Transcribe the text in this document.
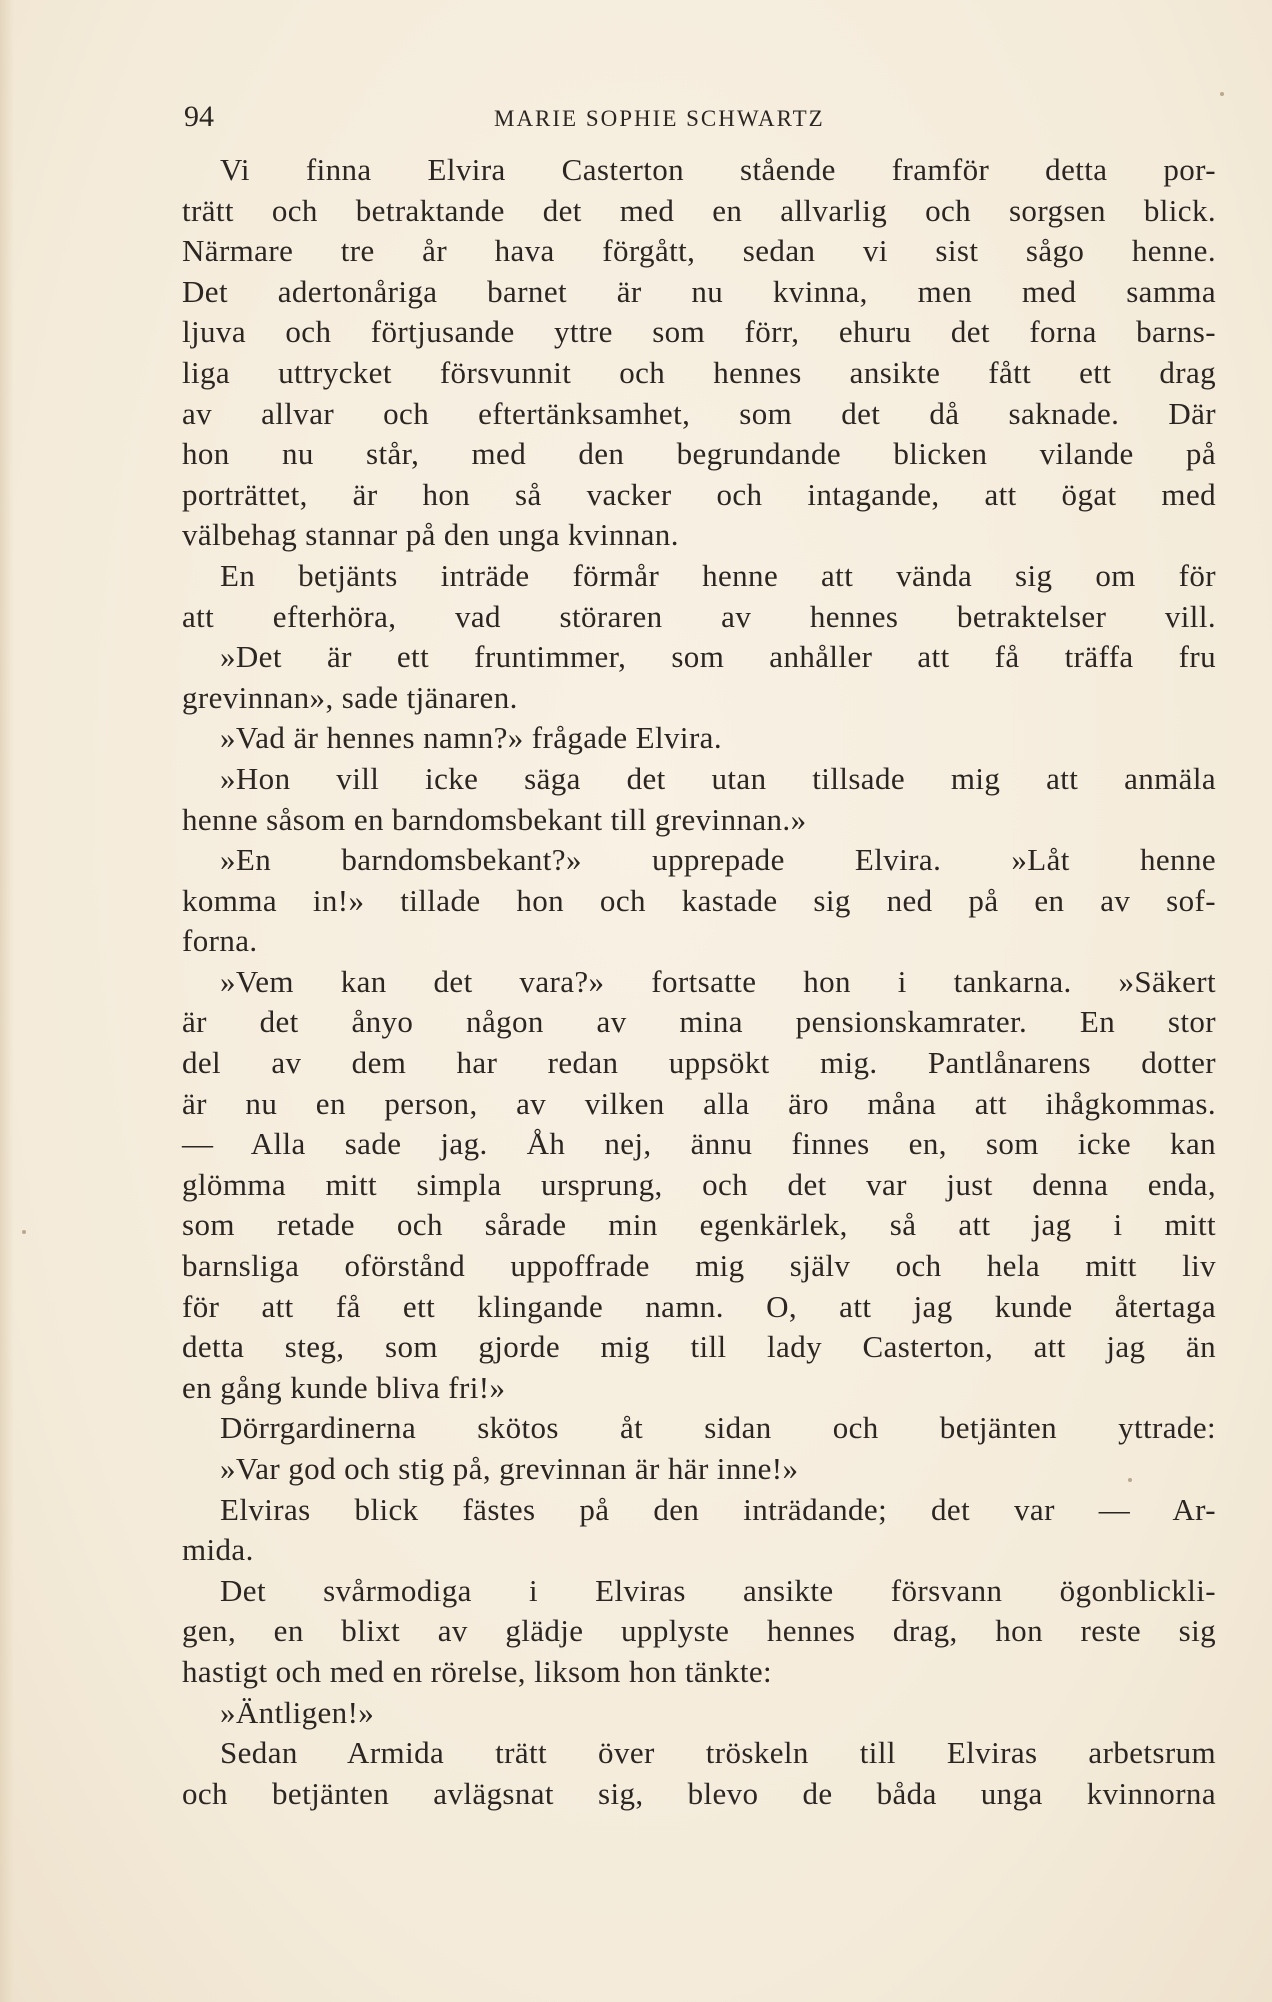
94	MARIE SOPHIE SCHWARTZ
Vi finna Elvira Casterton stående framför detta por-
trätt och betraktande det med en allvarlig och sorgsen blick.
Närmare tre år hava förgått, sedan vi sist sågo henne.
Det adertonåriga barnet är nu kvinna, men med samma
ljuva och förtjusande yttre som förr, ehuru det forna barns-
liga uttrycket försvunnit och hennes ansikte fått ett drag
av allvar och eftertänksamhet, som det då saknade. Där
hon nu står, med den begrundande blicken vilande på
porträttet, är hon så vacker och intagande, att ögat med
välbehag stannar på den unga kvinnan.
En betjänts inträde förmår henne att vända sig om för
att efterhöra, vad störaren av hennes betraktelser vill.
»Det är ett fruntimmer, som anhåller att få träffa fru
grevinnan», sade tjänaren.
»Vad är hennes namn?» frågade Elvira.
»Hon vill icke säga det utan tillsade mig att anmäla
henne såsom en barndomsbekant till grevinnan.»
»En barndomsbekant?» upprepade Elvira. »Låt henne
komma in!» tillade hon och kastade sig ned på en av sof-
forna.
»Vem kan det vara?» fortsatte hon i tankarna. »Säkert
är det ånyo någon av mina pensionskamrater. En stor
del av dem har redan uppsökt mig. Pantlånarens dotter
är nu en person, av vilken alla äro måna att ihågkommas.
— Alla sade jag. Åh nej, ännu finnes en, som icke kan
glömma mitt simpla ursprung, och det var just denna enda,
som retade och sårade min egenkärlek, så att jag i mitt
barnsliga oförstånd uppoffrade mig själv och hela mitt liv
för att få ett klingande namn. O, att jag kunde återtaga
detta steg, som gjorde mig till lady Casterton, att jag än
en gång kunde bliva fri!»
Dörrgardinerna skötos åt sidan och betjänten yttrade:
»Var god och stig på, grevinnan är här inne!»
Elviras blick fästes på den inträdande; det var — Ar-
mida.
Det svårmodiga i Elviras ansikte försvann ögonblickli-
gen, en blixt av glädje upplyste hennes drag, hon reste sig
hastigt och med en rörelse, liksom hon tänkte:
»Äntligen!»
Sedan Armida trätt över tröskeln till Elviras arbetsrum
och betjänten avlägsnat sig, blevo de båda unga kvinnorna
